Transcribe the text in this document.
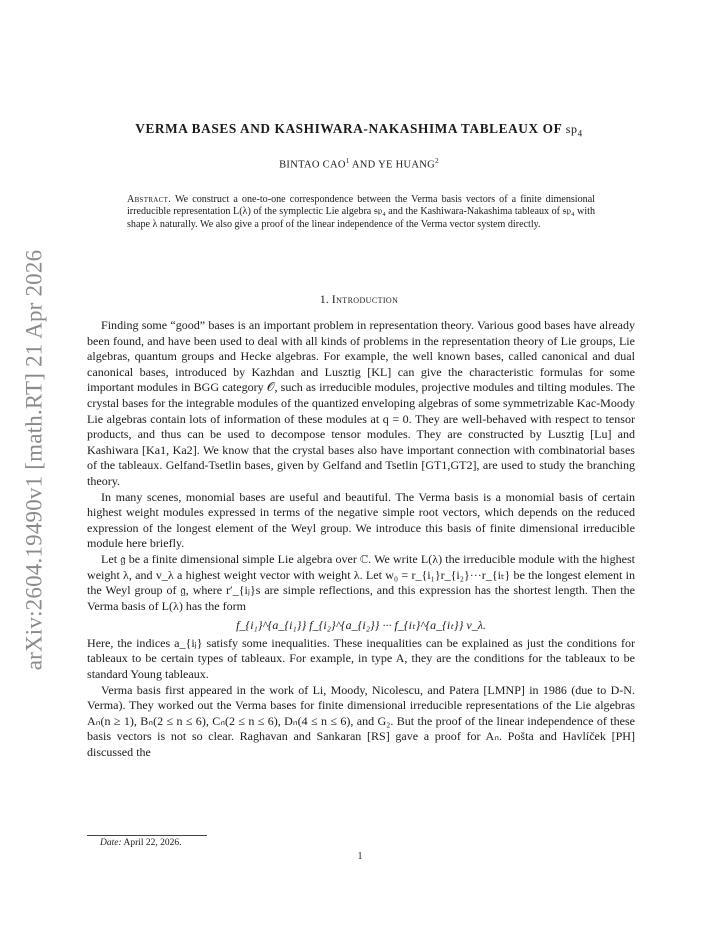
arXiv:2604.19490v1 [math.RT] 21 Apr 2026
VERMA BASES AND KASHIWARA-NAKASHIMA TABLEAUX OF $sp_4$
BINTAO CAO$^1$ AND YE HUANG$^2$
Abstract. We construct a one-to-one correspondence between the Verma basis vectors of a finite dimensional irreducible representation L(λ) of the symplectic Lie algebra 𝔰𝔭₄ and the Kashiwara-Nakashima tableaux of 𝔰𝔭₄ with shape λ naturally. We also give a proof of the linear independence of the Verma vector system directly.
1. Introduction

Finding some “good” bases is an important problem in representation theory. Various good bases have already been found, and have been used to deal with all kinds of problems in the representation theory of Lie groups, Lie algebras, quantum groups and Hecke algebras. For example, the well known bases, called canonical and dual canonical bases, introduced by Kazhdan and Lusztig [KL] can give the characteristic formulas for some important modules in BGG category 𝒪, such as irreducible modules, projective modules and tilting modules. The crystal bases for the integrable modules of the quantized enveloping algebras of some symmetrizable Kac-Moody Lie algebras contain lots of information of these modules at q = 0. They are well-behaved with respect to tensor products, and thus can be used to decompose tensor modules. They are constructed by Lusztig [Lu] and Kashiwara [Ka1, Ka2]. We know that the crystal bases also have important connection with combinatorial bases of the tableaux. Gelfand-Tsetlin bases, given by Gelfand and Tsetlin [GT1,GT2], are used to study the branching theory.

In many scenes, monomial bases are useful and beautiful. The Verma basis is a monomial basis of certain highest weight modules expressed in terms of the negative simple root vectors, which depends on the reduced expression of the longest element of the Weyl group. We introduce this basis of finite dimensional irreducible module here briefly.

Let 𝔤 be a finite dimensional simple Lie algebra over ℂ. We write L(λ) the irreducible module with the highest weight λ, and v_λ a highest weight vector with weight λ. Let w₀ = r_{i₁}r_{i₂}···r_{iₜ} be the longest element in the Weyl group of 𝔤, where r′_{iⱼ}s are simple reflections, and this expression has the shortest length. Then the Verma basis of L(λ) has the form

f_{i₁}^{a_{i₁}} f_{i₂}^{a_{i₂}} ··· f_{iₜ}^{a_{iₜ}} v_λ.

Here, the indices a_{iⱼ} satisfy some inequalities. These inequalities can be explained as just the conditions for tableaux to be certain types of tableaux. For example, in type A, they are the conditions for the tableaux to be standard Young tableaux.

Verma basis first appeared in the work of Li, Moody, Nicolescu, and Patera [LMNP] in 1986 (due to D-N. Verma). They worked out the Verma bases for finite dimensional irreducible representations of the Lie algebras Aₙ(n ≥ 1), Bₙ(2 ≤ n ≤ 6), Cₙ(2 ≤ n ≤ 6), Dₙ(4 ≤ n ≤ 6), and G₂. But the proof of the linear independence of these basis vectors is not so clear. Raghavan and Sankaran [RS] gave a proof for Aₙ. Pošta and Havlíček [PH] discussed the

Date: April 22, 2026.
1
